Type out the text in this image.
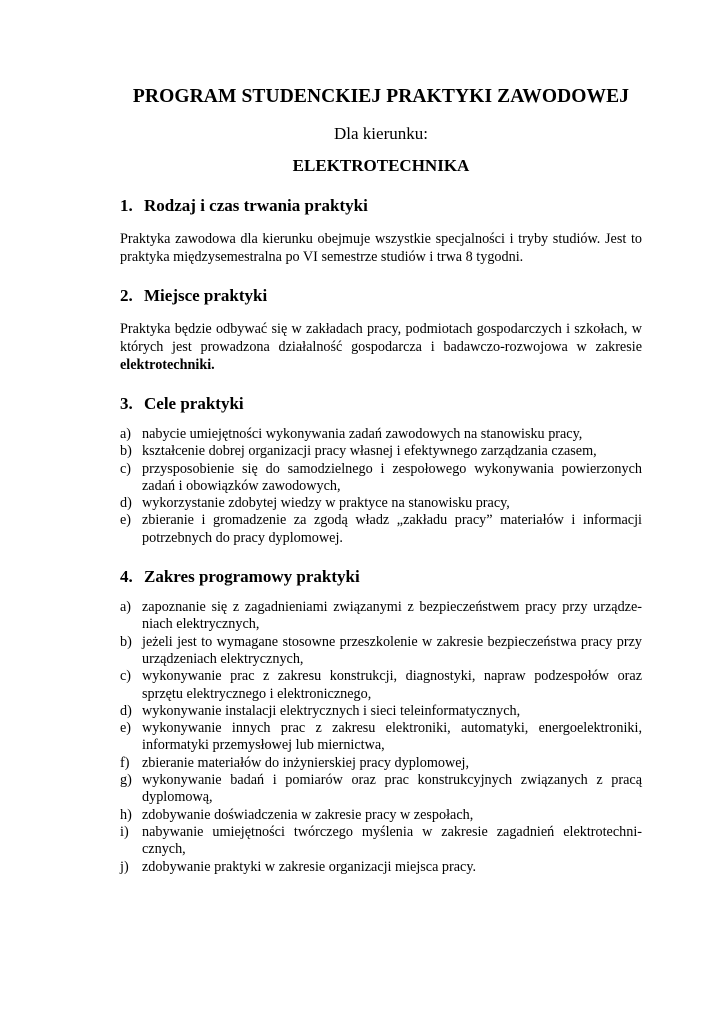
PROGRAM STUDENCKIEJ PRAKTYKI ZAWODOWEJ
Dla kierunku:
ELEKTROTECHNIKA
1. Rodzaj i czas trwania praktyki

Praktyka zawodowa dla kierunku obejmuje wszystkie specjalności i tryby studiów. Jest to praktyka międzysemestralna po VI semestrze studiów i trwa 8 tygodni.

2. Miejsce praktyki

Praktyka będzie odbywać się w zakładach pracy, podmiotach gospodarczych i szkołach, w których jest prowadzona działalność gospodarcza i badawczo-rozwojowa w zakresie elektrotechniki.

3. Cele praktyki
a) nabycie umiejętności wykonywania zadań zawodowych na stanowisku pracy,
b) kształcenie dobrej organizacji pracy własnej i efektywnego zarządzania czasem,
c) przysposobienie się do samodzielnego i zespołowego wykonywania powierzonych zadań i obowiązków zawodowych,
d) wykorzystanie zdobytej wiedzy w praktyce na stanowisku pracy,
e) zbieranie i gromadzenie za zgodą władz „zakładu pracy” materiałów i informacji potrzebnych do pracy dyplomowej.
4. Zakres programowy praktyki
a) zapoznanie się z zagadnieniami związanymi z bezpieczeństwem pracy przy urządze-niach elektrycznych,
b) jeżeli jest to wymagane stosowne przeszkolenie w zakresie bezpieczeństwa pracy przy urządzeniach elektrycznych,
c) wykonywanie prac z zakresu konstrukcji, diagnostyki, napraw podzespołów oraz sprzętu elektrycznego i elektronicznego,
d) wykonywanie instalacji elektrycznych i sieci teleinformatycznych,
e) wykonywanie innych prac z zakresu elektroniki, automatyki, energoelektroniki, informatyki przemysłowej lub miernictwa,
f) zbieranie materiałów do inżynierskiej pracy dyplomowej,
g) wykonywanie badań i pomiarów oraz prac konstrukcyjnych związanych z pracą dyplomową,
h) zdobywanie doświadczenia w zakresie pracy w zespołach,
i) nabywanie umiejętności twórczego myślenia w zakresie zagadnień elektrotechni-cznych,
j) zdobywanie praktyki w zakresie organizacji miejsca pracy.
